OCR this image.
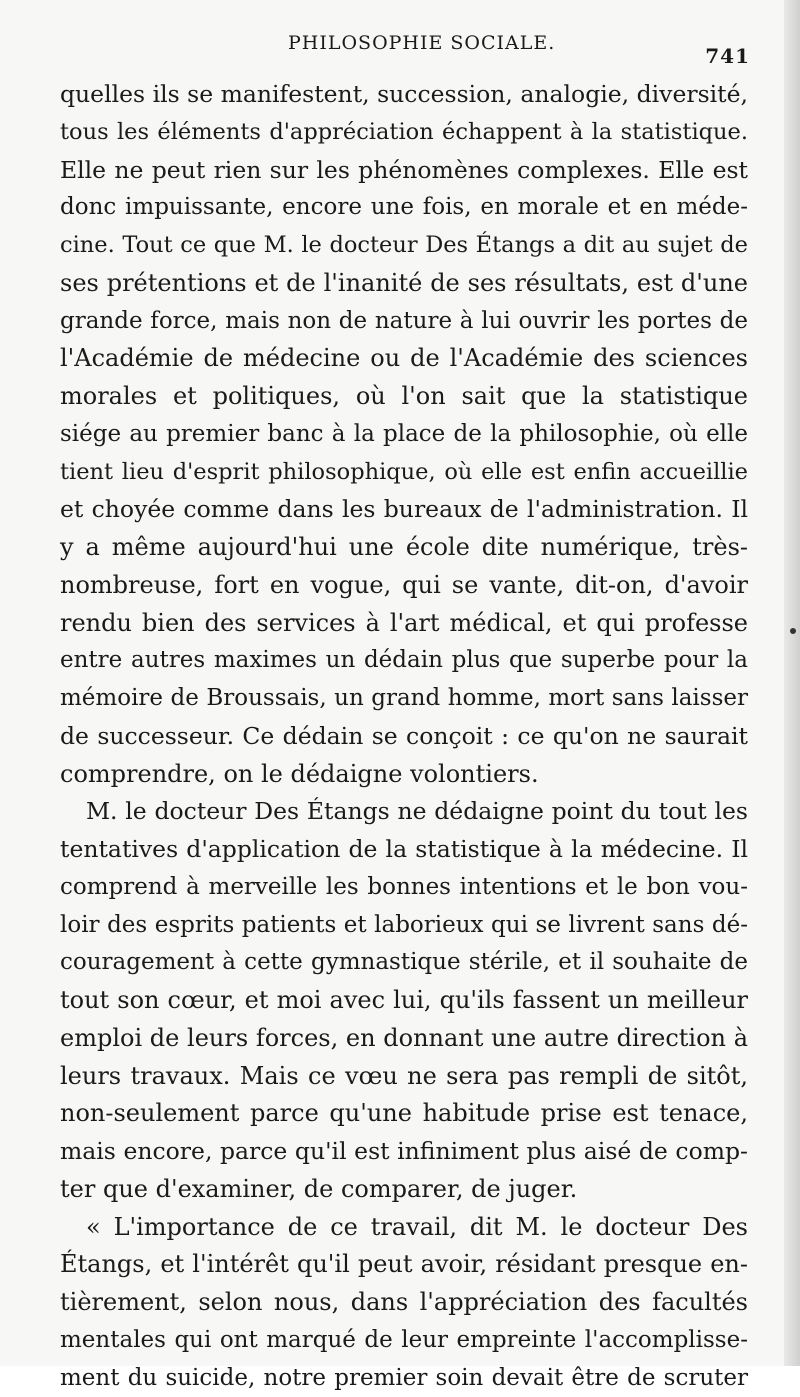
PHILOSOPHIE SOCIALE.
741
quelles ils se manifestent, succession, analogie, diversité,
tous les éléments d'appréciation échappent à la statistique.
Elle ne peut rien sur les phénomènes complexes. Elle est
donc impuissante, encore une fois, en morale et en méde-
cine. Tout ce que M. le docteur Des Étangs a dit au sujet de
ses prétentions et de l'inanité de ses résultats, est d'une
grande force, mais non de nature à lui ouvrir les portes de
l'Académie de médecine ou de l'Académie des sciences
morales et politiques, où l'on sait que la statistique
siége au premier banc à la place de la philosophie, où elle
tient lieu d'esprit philosophique, où elle est enfin accueillie
et choyée comme dans les bureaux de l'administration. Il
y a même aujourd'hui une école dite numérique, très-
nombreuse, fort en vogue, qui se vante, dit-on, d'avoir
rendu bien des services à l'art médical, et qui professe
entre autres maximes un dédain plus que superbe pour la
mémoire de Broussais, un grand homme, mort sans laisser
de successeur. Ce dédain se conçoit : ce qu'on ne saurait
comprendre, on le dédaigne volontiers.
M. le docteur Des Étangs ne dédaigne point du tout les
tentatives d'application de la statistique à la médecine. Il
comprend à merveille les bonnes intentions et le bon vou-
loir des esprits patients et laborieux qui se livrent sans dé-
couragement à cette gymnastique stérile, et il souhaite de
tout son cœur, et moi avec lui, qu'ils fassent un meilleur
emploi de leurs forces, en donnant une autre direction à
leurs travaux. Mais ce vœu ne sera pas rempli de sitôt,
non-seulement parce qu'une habitude prise est tenace,
mais encore, parce qu'il est infiniment plus aisé de comp-
ter que d'examiner, de comparer, de juger.
« L'importance de ce travail, dit M. le docteur Des
Étangs, et l'intérêt qu'il peut avoir, résidant presque en-
tièrement, selon nous, dans l'appréciation des facultés
mentales qui ont marqué de leur empreinte l'accomplisse-
ment du suicide, notre premier soin devait être de scruter
